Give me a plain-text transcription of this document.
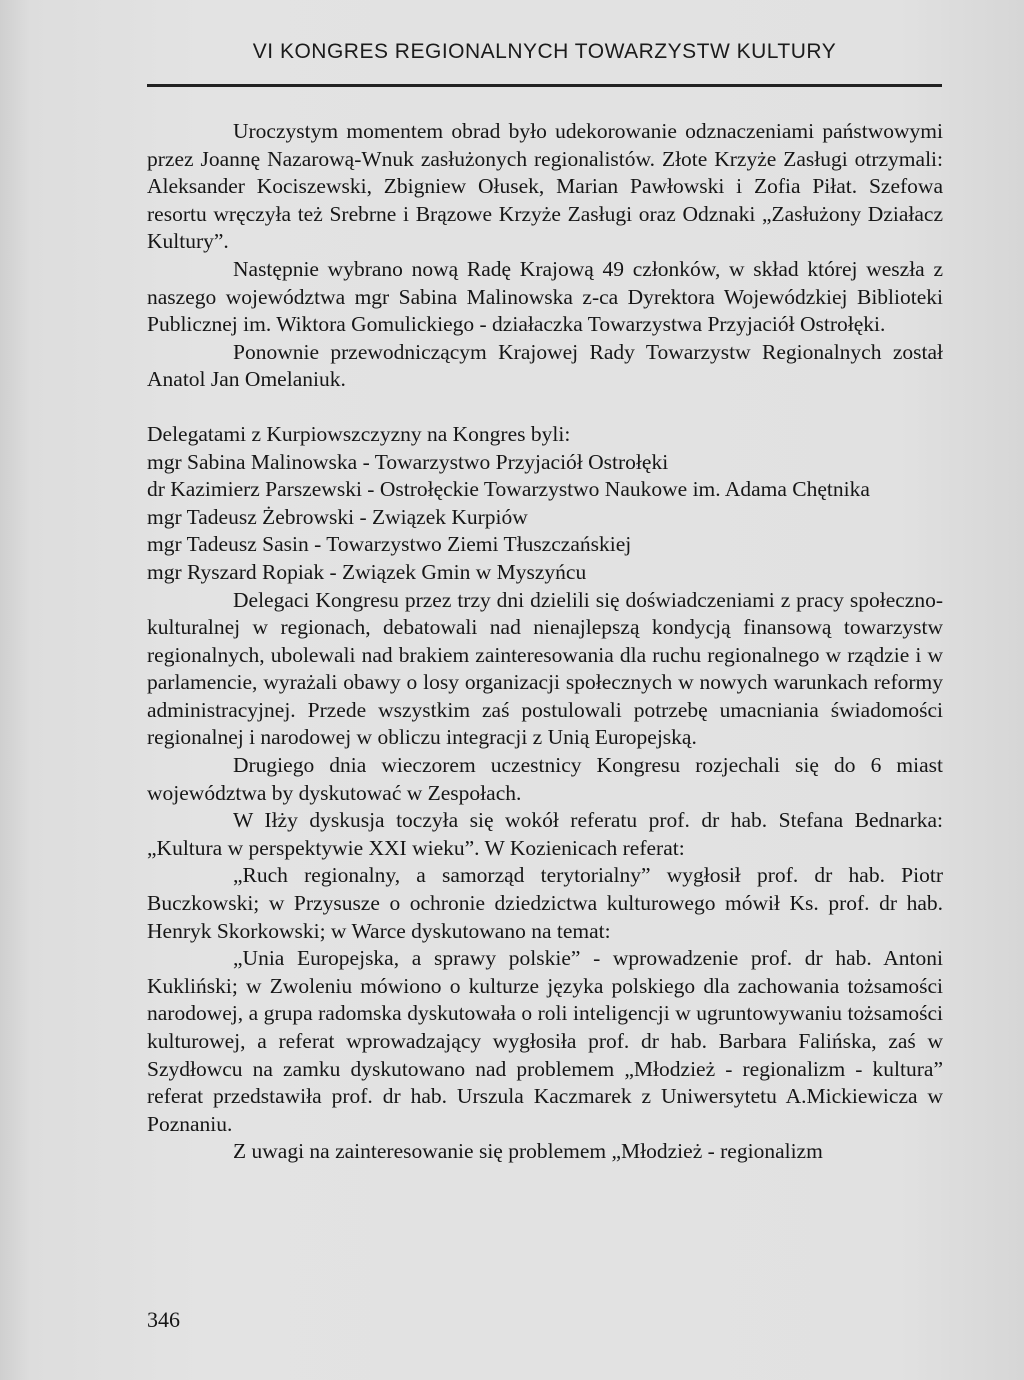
VI KONGRES REGIONALNYCH TOWARZYSTW KULTURY

Uroczystym momentem obrad było udekorowanie odznaczeniami państwowymi przez Joannę Nazarową-Wnuk zasłużonych regionalistów. Złote Krzyże Zasługi otrzymali: Aleksander Kociszewski, Zbigniew Ołusek, Marian Pawłowski i Zofia Piłat. Szefowa resortu wręczyła też Srebrne i Brązowe Krzyże Zasługi oraz Odznaki „Zasłużony Działacz Kultury”.

Następnie wybrano nową Radę Krajową 49 członków, w skład której weszła z naszego województwa mgr Sabina Malinowska z-ca Dyrektora Wojewódzkiej Biblioteki Publicznej im. Wiktora Gomulickiego - działaczka Towarzystwa Przyjaciół Ostrołęki.

Ponownie przewodniczącym Krajowej Rady Towarzystw Regionalnych został Anatol Jan Omelaniuk.

Delegatami z Kurpiowszczyzny na Kongres byli:
mgr Sabina Malinowska - Towarzystwo Przyjaciół Ostrołęki
dr Kazimierz Parszewski - Ostrołęckie Towarzystwo Naukowe im. Adama Chętnika
mgr Tadeusz Żebrowski - Związek Kurpiów
mgr Tadeusz Sasin - Towarzystwo Ziemi Tłuszczańskiej
mgr Ryszard Ropiak - Związek Gmin w Myszyńcu

Delegaci Kongresu przez trzy dni dzielili się doświadczeniami z pracy społeczno-kulturalnej w regionach, debatowali nad nienajlepszą kondycją finansową towarzystw regionalnych, ubolewali nad brakiem zainteresowania dla ruchu regionalnego w rządzie i w parlamencie, wyrażali obawy o losy organizacji społecznych w nowych warunkach reformy administracyjnej. Przede wszystkim zaś postulowali potrzebę umacniania świadomości regionalnej i narodowej w obliczu integracji z Unią Europejską.

Drugiego dnia wieczorem uczestnicy Kongresu rozjechali się do 6 miast województwa by dyskutować w Zespołach.

W Iłży dyskusja toczyła się wokół referatu prof. dr hab. Stefana Bednarka: „Kultura w perspektywie XXI wieku”. W Kozienicach referat:

„Ruch regionalny, a samorząd terytorialny” wygłosił prof. dr hab. Piotr Buczkowski; w Przysusze o ochronie dziedzictwa kulturowego mówił Ks. prof. dr hab. Henryk Skorkowski; w Warce dyskutowano na temat:

„Unia Europejska, a sprawy polskie” - wprowadzenie prof. dr hab. Antoni Kukliński; w Zwoleniu mówiono o kulturze języka polskiego dla zachowania tożsamości narodowej, a grupa radomska dyskutowała o roli inteligencji w ugruntowywaniu tożsamości kulturowej, a referat wprowadzający wygłosiła prof. dr hab. Barbara Falińska, zaś w Szydłowcu na zamku dyskutowano nad problemem „Młodzież - regionalizm - kultura” referat przedstawiła prof. dr hab. Urszula Kaczmarek z Uniwersytetu A.Mickiewicza w Poznaniu.

Z uwagi na zainteresowanie się problemem „Młodzież - regionalizm

346
